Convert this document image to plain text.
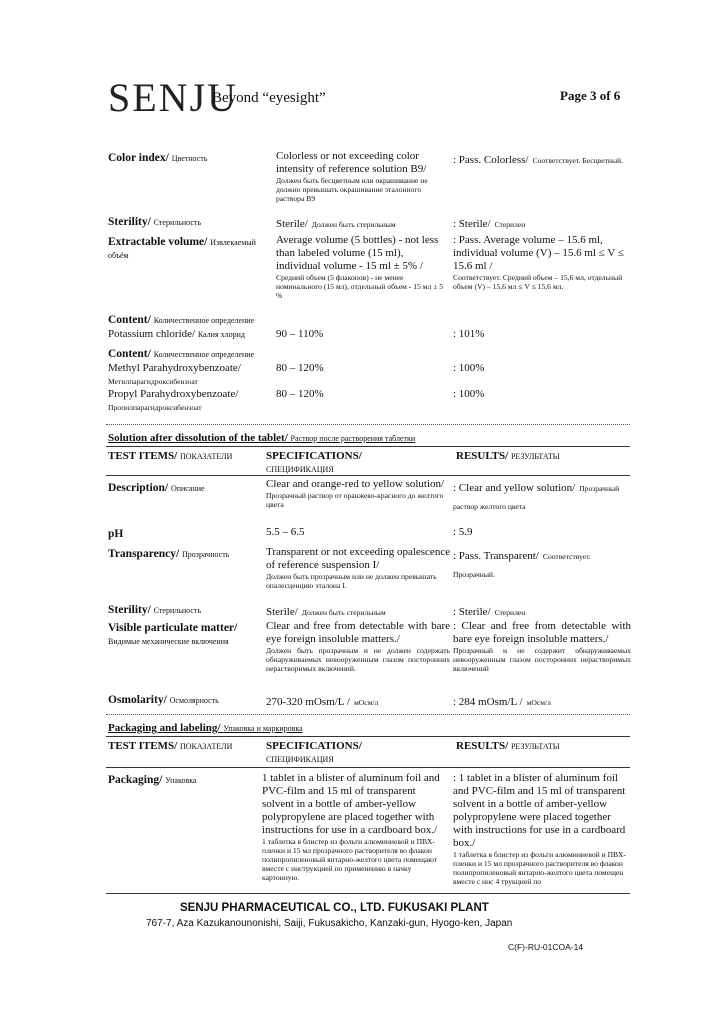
SENJU
Beyond “eyesight”	Page 3 of 6
Color index/ Цветность	Colorless or not exceeding color intensity of reference solution B9/
Должен быть бесцветным или окрашивание не должно превышать окрашивание эталонного раствора В9
: Pass. Colorless/ Соответствует. Бесцветный.
Sterility/ Стерильность	Sterile/ Должен быть стерильным	: Sterile/ Стерилен
Extractable volume/ Извлекаемый объём
Average volume (5 bottles) - not less than labeled volume (15 ml), individual volume - 15 ml ± 5% /
Средний объем (5 флаконов) - не менее номинального (15 мл), отдельный объем - 15 мл ± 5 %
: Pass. Average volume – 15.6 ml, individual volume (V) – 15.6 ml ≤ V ≤ 15.6 ml /
Соответствует. Средний объем – 15,6 мл, отдельный объем (V) – 15,6 мл ≤ V ≤ 15,6 мл.
Content/ Количественное определение
Potassium chloride/ Калия хлорид	90 – 110%	: 101%
Content/ Количественное определение
Methyl Parahydroxybenzoate/
Метилпарагидроксибензоат
80 – 120%	: 100%
Propyl Parahydroxybenzoate/
Пропилпарагидроксибензоат
80 – 120%	: 100%
Solution after dissolution of the tablet/ Раствор после растворения таблетки
TEST ITEMS/ ПОКАЗАТЕЛИ	SPECIFICATIONS/
СПЕЦИФИКАЦИЯ
RESULTS/ РЕЗУЛЬТАТЫ
Description/ Описание	Clear and orange-red to yellow solution/
Прозрачный раствор от оранжево-красного до желтого цвета
: Clear and yellow solution/ Прозрачный раствор желтого цвета
pH	5.5 – 6.5	: 5.9
Transparency/ Прозрачность	Transparent or not exceeding opalescence of reference suspension I/
Должен быть прозрачным или не должен превышать опалесценцию эталона I.
: Pass. Transparent/ Соответствует. Прозрачный.
Sterility/ Стерильность	Sterile/ Должен быть стерильным	: Sterile/ Стерилен
Visible particulate matter/
Видимые механические включения
Clear and free from detectable with bare eye foreign insoluble matters./
Должен быть прозрачным и не должен содержать обнаруживаемых невооруженным глазом посторонних нерастворимых включений.
: Clear and free from detectable with bare eye foreign insoluble matters./
Прозрачный и не содержит обнаруживаемых невооруженным глазом посторонних нерастворимых включений
Osmolarity/ Осмолярность	270-320 mOsm/L / мОсм/л	: 284 mOsm/L / мОсм/л
Packaging and labeling/ Упаковка и маркировка
TEST ITEMS/ ПОКАЗАТЕЛИ	SPECIFICATIONS/
СПЕЦИФИКАЦИЯ
RESULTS/ РЕЗУЛЬТАТЫ
Packaging/ Упаковка	1 tablet in a blister of aluminum foil and PVC-film and 15 ml of transparent solvent in a bottle of amber-yellow polypropylene are placed together with instructions for use in a cardboard box./
1 таблетка в блистер из фольги алюминиевой и ПВХ-пленки и 15 мл прозрачного растворителя во флакон полипропиленовый янтарно-желтого цвета помещают вместе с инструкцией по применению в пачку картонную.
: 1 tablet in a blister of aluminum foil and PVC-film and 15 ml of transparent solvent in a bottle of amber-yellow polypropylene were placed together with instructions for use in a cardboard box./
1 таблетка в блистер из фольги алюминиевой и ПВХ-пленки и 15 мл прозрачного растворителя во флакон полипропиленовый янтарно-желтого цвета помещен вместе с инс 4 трукцией по
SENJU PHARMACEUTICAL CO., LTD. FUKUSAKI PLANT
767-7, Aza Kazukanounonishi, Saiji, Fukusakicho, Kanzaki-gun, Hyogo-ken, Japan
C(F)-RU-01COA-14
